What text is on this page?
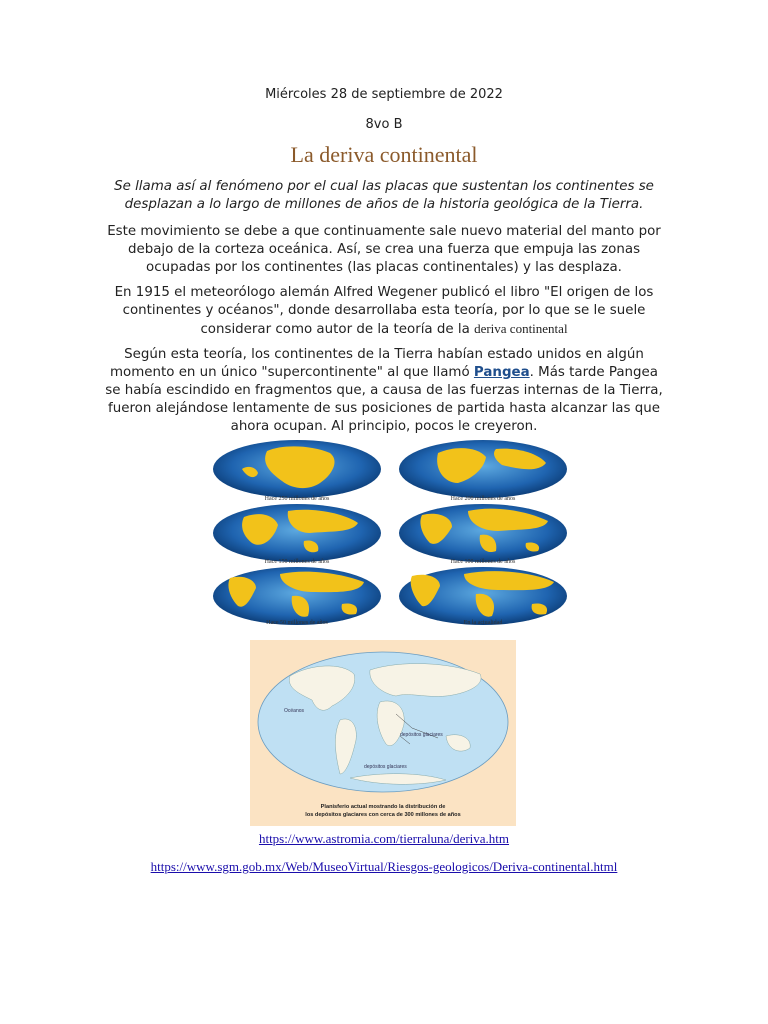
Miércoles 28 de septiembre de 2022
8vo B
La deriva continental
Se llama así al fenómeno por el cual las placas que sustentan los continentes se desplazan a lo largo de millones de años de la historia geológica de la Tierra.
Este movimiento se debe a que continuamente sale nuevo material del manto por debajo de la corteza oceánica. Así, se crea una fuerza que empuja las zonas ocupadas por los continentes (las placas continentales) y las desplaza.
En 1915 el meteorólogo alemán Alfred Wegener publicó el libro "El origen de los continentes y océanos", donde desarrollaba esta teoría, por lo que se le suele considerar como autor de la teoría de la deriva continental
Según esta teoría, los continentes de la Tierra habían estado unidos en algún momento en un único "supercontinente" al que llamó Pangea. Más tarde Pangea se había escindido en fragmentos que, a causa de las fuerzas internas de la Tierra, fueron alejándose lentamente de sus posiciones de partida hasta alcanzar las que ahora ocupan. Al principio, pocos le creyeron.
Hace 250 millones de años	Hace 200 millones de años
Hace 150 millones de años	Hace 100 millones de años
Hace 50 millones de años	En la actualidad
Océanos
depósitos glaciares
depósitos glaciares
Planisferio actual mostrando la distribución de
los depósitos glaciares con cerca de 300 millones de años
https://www.astromia.com/tierraluna/deriva.htm
https://www.sgm.gob.mx/Web/MuseoVirtual/Riesgos-geologicos/Deriva-continental.html
